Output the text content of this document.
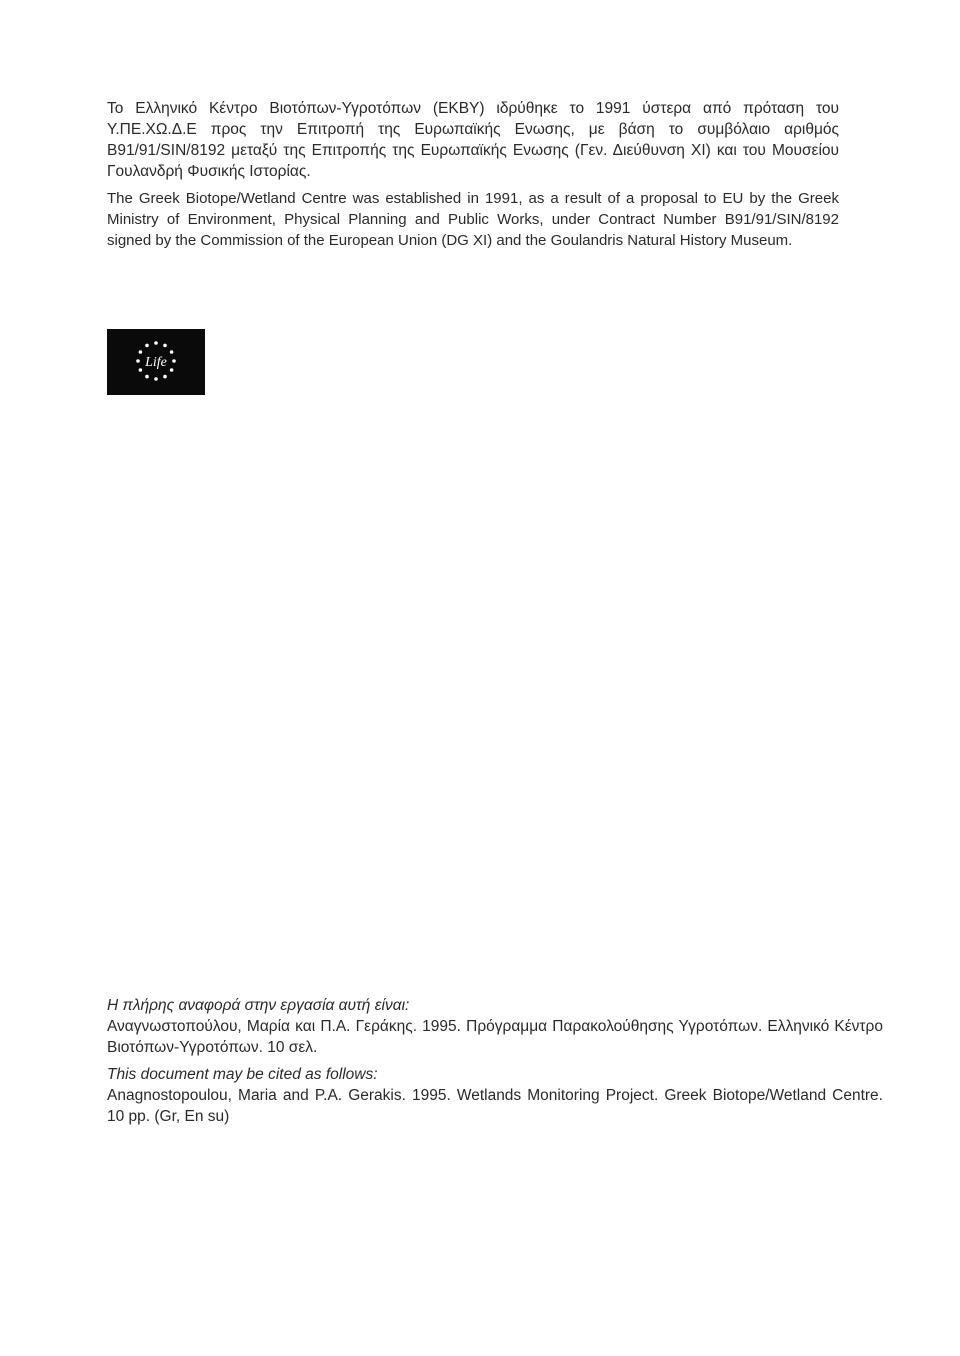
Το Ελληνικό Κέντρο Βιοτόπων-Υγροτόπων (ΕΚΒΥ) ιδρύθηκε το 1991 ύστερα από πρόταση του Υ.ΠΕ.ΧΩ.Δ.Ε προς την Επιτροπή της Ευρωπαϊκής Ενωσης, με βάση το συμβόλαιο αριθμός B91/91/SIN/8192 μεταξύ της Επιτροπής της Ευρωπαϊκής Ενωσης (Γεν. Διεύθυνση XI) και του Μουσείου Γουλανδρή Φυσικής Ιστορίας.

The Greek Biotope/Wetland Centre was established in 1991, as a result of a proposal to EU by the Greek Ministry of Environment, Physical Planning and Public Works, under Contract Number B91/91/SIN/8192 signed by the Commission of the European Union (DG XI) and the Goulandris Natural History Museum.

Life
Η πλήρης αναφορά στην εργασία αυτή είναι:
Αναγνωστοπούλου, Μαρία και Π.Α. Γεράκης. 1995. Πρόγραμμα Παρακολούθησης Υγροτόπων. Ελληνικό Κέντρο Βιοτόπων-Υγροτόπων. 10 σελ.
This document may be cited as follows:
Anagnostopoulou, Maria and P.A. Gerakis. 1995. Wetlands Monitoring Project. Greek Biotope/Wetland Centre. 10 pp. (Gr, En su)
